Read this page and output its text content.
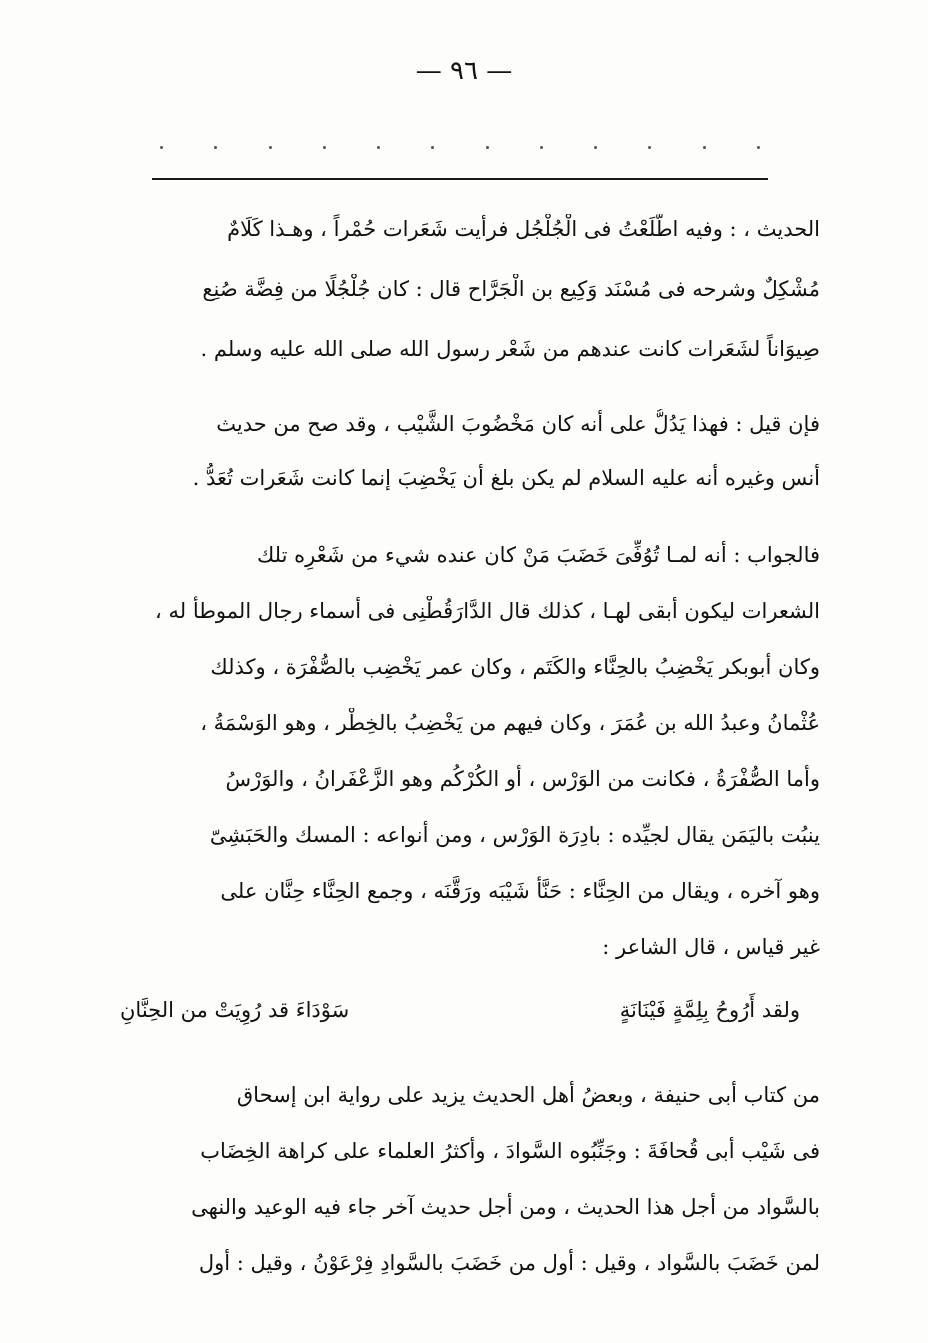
— ٩٦ —
الحديث ، : وفيه اطَّلَعْتُ فى الْجُلْجُل فرأيت شَعَرات حُمْراً ، وهـذا كَلَامٌ
مُشْكِلٌ وشرحه فى مُسْنَد وَكِيع بن الْجَرَّاح قال : كان جُلْجُلًا من فِضَّة صُنِع
صِيوَاناً لشَعَرات كانت عندهم من شَعْر رسول الله صلى الله عليه وسلم .
فإن قيل : فهذا يَدُلُّ على أنه كان مَخْضُوبَ الشَّيْب ، وقد صح من حديث
أنس وغيره أنه عليه السلام لم يكن بلغ أن يَخْضِبَ إنما كانت شَعَرات تُعَدُّ .
فالجواب : أنه لمـا تُوُفِّىَ خَضَبَ مَنْ كان عنده شيء من شَعْرِه تلك
الشعرات ليكون أبقى لهـا ، كذلك قال الدَّارَقُطْنِى فى أسماء رجال الموطأ له ،
وكان أبوبكر يَخْضِبُ بالحِنَّاء والكَتَم ، وكان عمر يَخْضِب بالصُّفْرَة ، وكذلك
عُثْمانُ وعبدُ الله بن عُمَرَ ، وكان فيهم من يَخْضِبُ بالخِطْر ، وهو الوَسْمَةُ ،
وأما الصُّفْرَةُ ، فكانت من الوَرْس ، أو الكُرْكُم وهو الزَّعْفَرانُ ، والوَرْسُ
ينبُت باليَمَن يقال لجيِّده : بادِرَة الوَرْس ، ومن أنواعه : المسك والحَبَشِىّ
وهو آخره ، ويقال من الحِنَّاء : حَنَّأ شَيْبَه ورَقَّنَه ، وجمع الحِنَّاء حِنَّان على
غير قياس ، قال الشاعر :
ولقد أَرُوحُ بِلِمَّةٍ فَيْنَانَةٍ
سَوْدَاءَ قد رُوِيَتْ من الحِنَّانِ
من كتاب أبى حنيفة ، وبعضُ أهل الحديث يزيد على رواية ابن إسحاق
فى شَيْب أبى قُحافَةَ : وجَنِّبُوه السَّوادَ ، وأكثرُ العلماء على كراهة الخِضَاب
بالسَّواد من أجل هذا الحديث ، ومن أجل حديث آخر جاء فيه الوعيد والنهى
لمن خَضَبَ بالسَّواد ، وقيل : أول من خَضَبَ بالسَّوادِ فِرْعَوْنُ ، وقيل : أول
